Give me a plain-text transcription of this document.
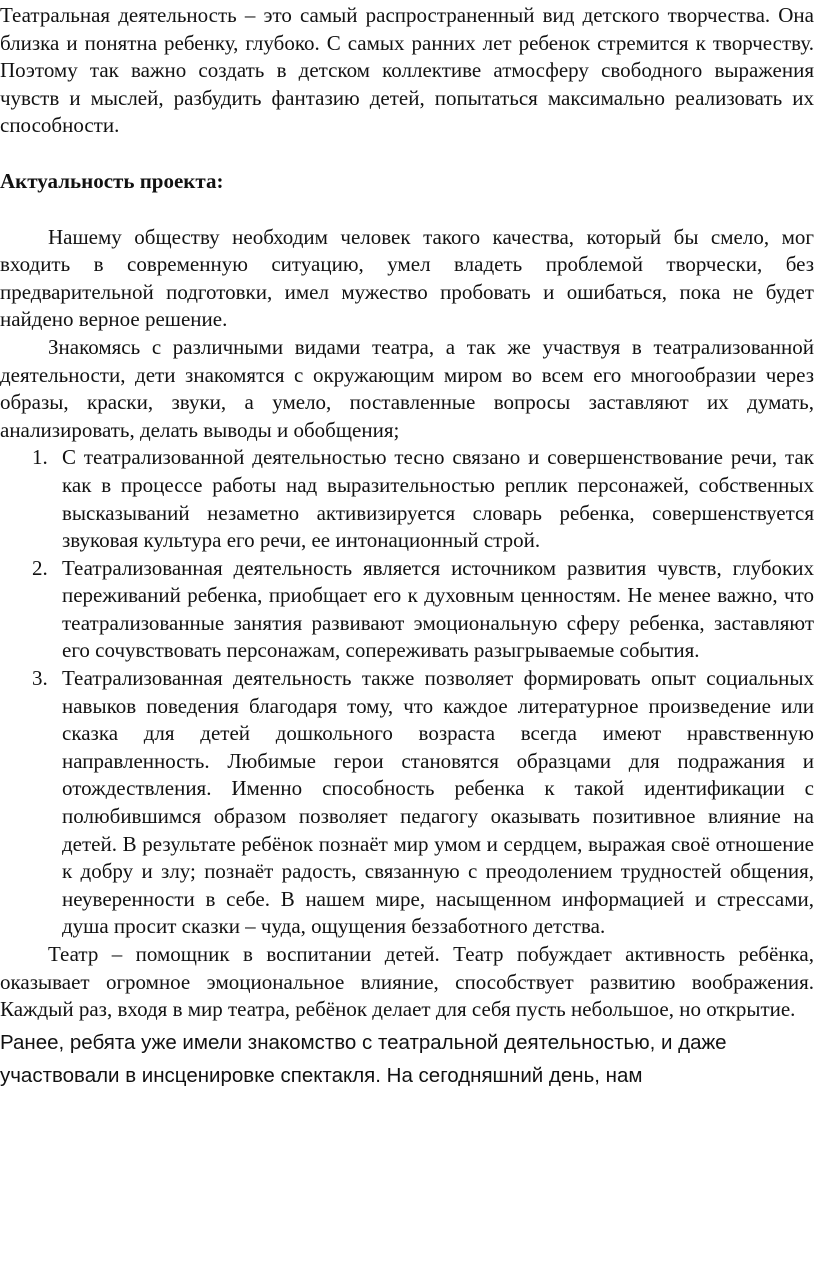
Театральная деятельность – это самый распространенный вид детского творчества. Она близка и понятна ребенку, глубоко. С самых ранних лет ребенок стремится к творчеству. Поэтому так важно создать в детском коллективе атмосферу свободного выражения чувств и мыслей, разбудить фантазию детей, попытаться максимально реализовать их способности.

Актуальность проекта:

Нашему обществу необходим человек такого качества, который бы смело, мог входить в современную ситуацию, умел владеть проблемой творчески, без предварительной подготовки, имел мужество пробовать и ошибаться, пока не будет найдено верное решение.

Знакомясь с различными видами театра, а так же участвуя в театрализованной деятельности, дети знакомятся с окружающим миром во всем его многообразии через образы, краски, звуки, а умело, поставленные вопросы заставляют их думать, анализировать, делать выводы и обобщения;

1. С театрализованной деятельностью тесно связано и совершенствование речи, так как в процессе работы над выразительностью реплик персонажей, собственных высказываний незаметно активизируется словарь ребенка, совершенствуется звуковая культура его речи, ее интонационный строй.
2. Театрализованная деятельность является источником развития чувств, глубоких переживаний ребенка, приобщает его к духовным ценностям. Не менее важно, что театрализованные занятия развивают эмоциональную сферу ребенка, заставляют его сочувствовать персонажам, сопереживать разыгрываемые события.
3. Театрализованная деятельность также позволяет формировать опыт социальных навыков поведения благодаря тому, что каждое литературное произведение или сказка для детей дошкольного возраста всегда имеют нравственную направленность. Любимые герои становятся образцами для подражания и отождествления. Именно способность ребенка к такой идентификации с полюбившимся образом позволяет педагогу оказывать позитивное влияние на детей. В результате ребёнок познаёт мир умом и сердцем, выражая своё отношение к добру и злу; познаёт радость, связанную с преодолением трудностей общения, неуверенности в себе. В нашем мире, насыщенном информацией и стрессами, душа просит сказки – чуда, ощущения беззаботного детства.

Театр – помощник в воспитании детей. Театр побуждает активность ребёнка, оказывает огромное эмоциональное влияние, способствует развитию воображения. Каждый раз, входя в мир театра, ребёнок делает для себя пусть небольшое, но открытие.

Ранее, ребята уже имели знакомство с театральной деятельностью, и даже участвовали в инсценировке спектакля. На сегодняшний день, нам
